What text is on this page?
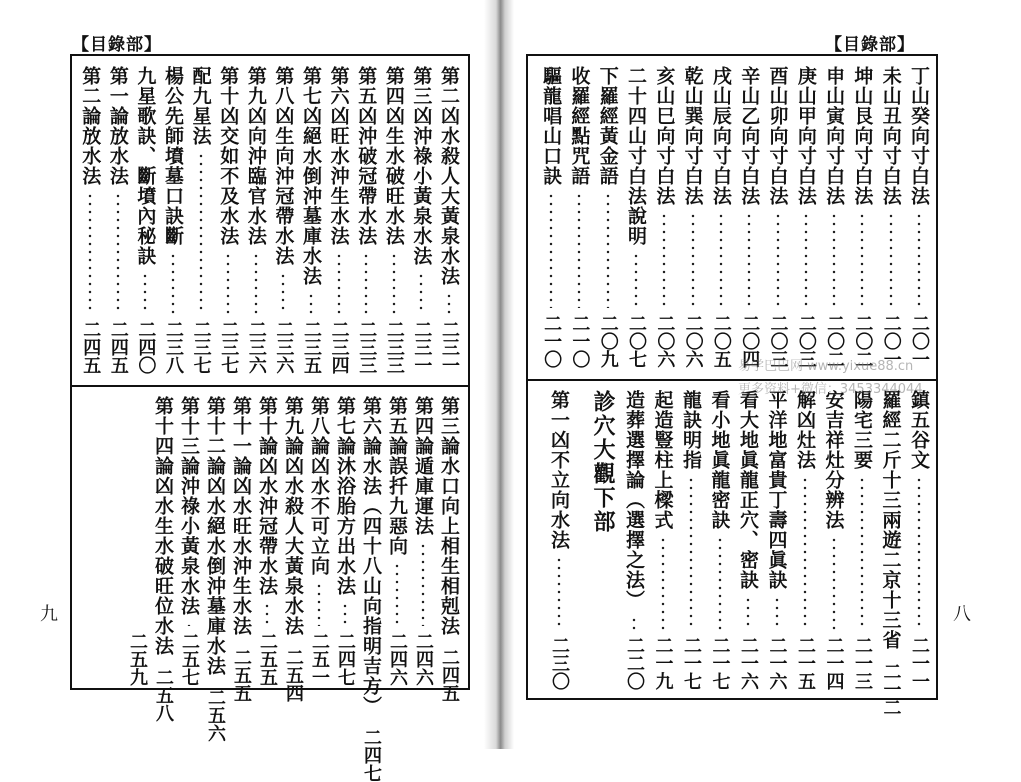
【目錄部】
第二凶水殺人大黃泉水法
二三一
第三凶沖祿小黃泉水法
二三一
第四凶生水破旺水法
二三三
第五凶沖破冠帶水法
二三三
第六凶旺水沖生水法
二三四
第七凶絕水倒沖墓庫水法
二三五
第八凶生向沖冠帶水法
二三六
第九凶向沖臨官水法
二三六
第十凶交如不及水法
二三七
配九星法
二三七
楊公先師墳墓口訣斷
二三八
九星歌訣、斷墳內秘訣
二四〇
第一論放水法
二四五
第二論放水法
二四五
第三論水口向上相生相剋法
二四五
第四論遁庫運法
二四六
第五論誤扦九惡向
二四六
第六論水法（四十八山向指明吉方）
二四七
第七論沐浴胎方出水法
二四七
第八論凶水不可立向
二五一
第九論凶水殺人大黃泉水法
二五四
第十論凶水沖冠帶水法
二五五
第十一論凶水旺水沖生水法
二五五
第十二論凶水絕水倒沖墓庫水法
二五六
第十三論沖祿小黃泉水法
二五七
第十四論凶水生水破旺位水法
二五八
二五九
九
【目錄部】
丁山癸向寸白法
二〇一
未山丑向寸白法
二〇一
坤山艮向寸白法
二〇二
申山寅向寸白法
二〇二
庚山甲向寸白法
二〇三
酉山卯向寸白法
二〇三
辛山乙向寸白法
二〇四
戌山辰向寸白法
二〇五
乾山巽向寸白法
二〇六
亥山巳向寸白法
二〇六
二十四山寸白法說明
二〇七
下羅經黃金語
二〇九
收羅經點咒語
二一〇
驅龍唱山口訣
二一〇
鎮五谷文
二一一
羅經二斤十三兩遊二京十三省
二一二
陽宅三要
二一三
安吉祥灶分辨法
二一四
解凶灶法
二一五
平洋地富貴丁壽四眞訣
二一六
看大地眞龍正穴、密訣
二一六
看小地眞龍密訣
二一七
龍訣明指
二一七
起造豎柱上樑式
二一九
造葬選擇論（選擇之法）
二二〇
診穴大觀下部
第一凶不立向水法
二三〇
八
易学巴巴网 www.yixue88.cn
更多资料+微信：3453344044
